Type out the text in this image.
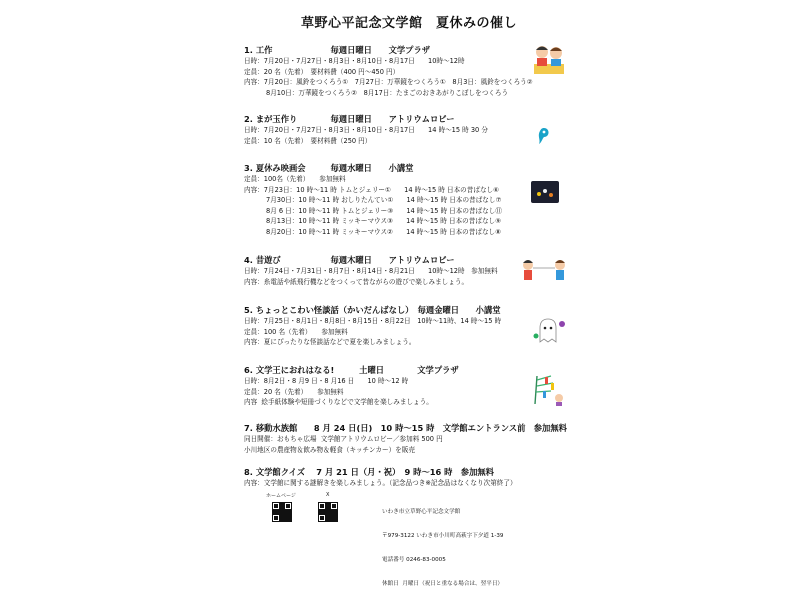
草野心平記念文学館　夏休みの催し
1. 工作　　　　　　　毎週日曜日　　文学プラザ
日時：7月20日・7月27日・8月3日・8月10日・8月17日　　10時～12時
定員：20 名（先着）　要材料費（400 円～450 円）
内容：7月20日：風鈴をつくろう①　7月27日：万華鏡をつくろう①　8月3日：風鈴をつくろう②
8月10日：万華鏡をつくろう②　8月17日：たまごのおきあがりこぼしをつくろう
2. まが玉作り　　　　毎週日曜日　　アトリウムロビー
日時：7月20日・7月27日・8月3日・8月10日・8月17日　　14 時～15 時 30 分
定員：10 名（先着）　要材料費（250 円）
3. 夏休み映画会　　　毎週水曜日　　小講堂
定員：100名（先着）　　参加無料
内容：7月23日：10 時～11 時 トムとジェリー①　　14 時～15 時 日本の昔ばなし⑥
7月30日：10 時～11 時 おしりたんてい①　　14 時～15 時 日本の昔ばなし⑦
8月 6 日：10 時～11 時 トムとジェリー③　　14 時～15 時 日本の昔ばなし⑪
8月13日：10 時～11 時 ミッキーマウス③　　14 時～15 時 日本の昔ばなし⑨
8月20日：10 時～11 時 ミッキーマウス②　　14 時～15 時 日本の昔ばなし⑧
4. 昔遊び　　　　　　毎週木曜日　　アトリウムロビー
日時：7月24日・7月31日・8月7日・8月14日・8月21日　　10時～12時　参加無料
内容：糸電話や紙飛行機などをつくって昔ながらの遊びで楽しみましょう。
5. ちょっとこわい怪談話（かいだんばなし）　毎週金曜日　　小講堂
日時：7月25日・8月1日・8月8日・8月15日・8月22日　10時～11時、14 時～15 時
定員：100 名（先着）　　参加無料
内容：夏にぴったりな怪談話などで夏を楽しみましょう。
6. 文学王におれはなる!　　　土曜日　　　　文学プラザ
日時：8月2日・8 月9 日・8 月16 日　　10 時～12 時
定員：20 名（先着）　　参加無料
内容  絵手紙体験や短冊づくりなどで文学館を楽しみましょう。
7. 移動水族館　　8 月 24 日(日)　10 時～15 時　文学館エントランス前　参加無料
同日開催：おもちゃ広場  文学館アトリウムロビー／参加料 500 円
小川地区の農産物＆飲み物＆軽食（キッチンカー）を販売
8. 文学館クイズ　 7 月 21 日（月・祝）　9 時～16 時　参加無料
内容：文学館に関する謎解きを楽しみましょう。（記念品つき※記念品はなくなり次第終了）
ホームページ	X

いわき市立草野心平記念文学館

〒979-3122 いわき市小川町高萩字下夕道 1-39

電話番号 0246-83-0005

休館日  月曜日（祝日と重なる場合は、翌平日）
